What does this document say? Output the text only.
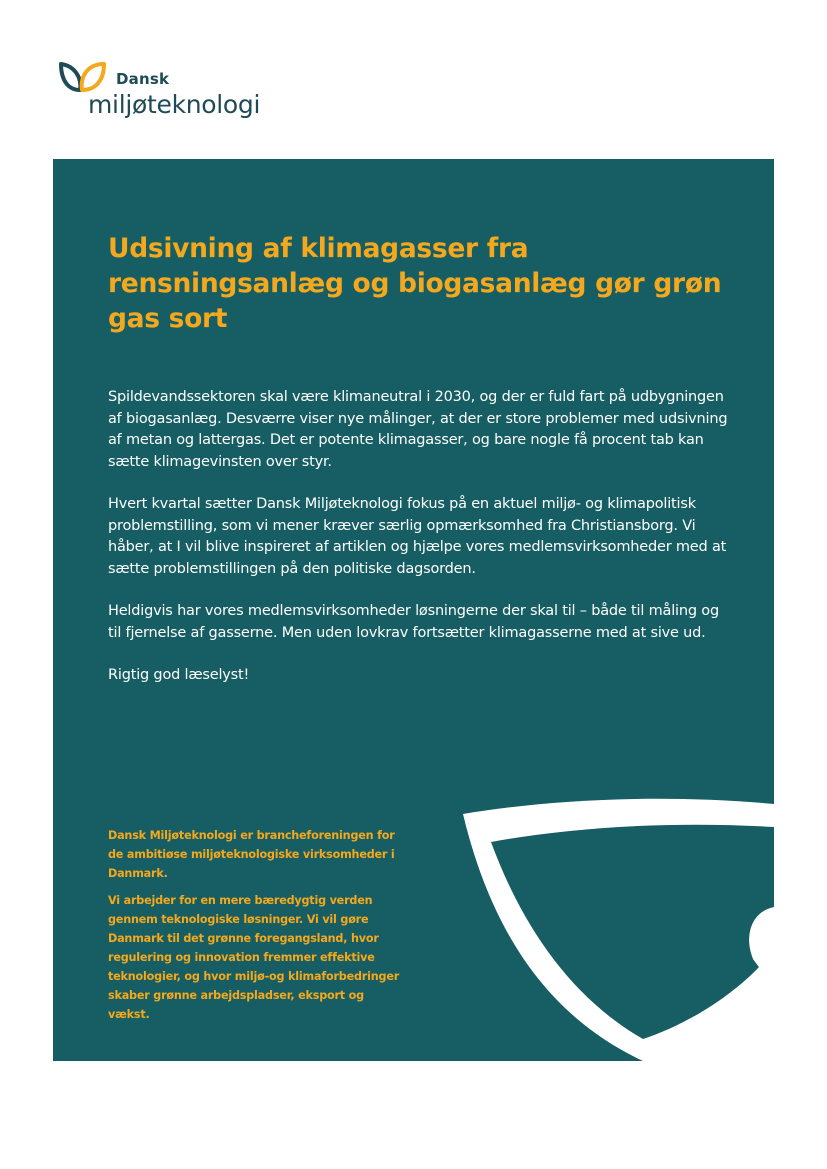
Dansk
miljøteknologi
Udsivning af klimagasser fra rensningsanlæg og biogasanlæg gør grøn gas sort

Spildevandssektoren skal være klimaneutral i 2030, og der er fuld fart på udbygningen af biogasanlæg. Desværre viser nye målinger, at der er store problemer med udsivning af metan og lattergas. Det er potente klimagasser, og bare nogle få procent tab kan sætte klimagevinsten over styr.

Hvert kvartal sætter Dansk Miljøteknologi fokus på en aktuel miljø- og klimapolitisk problemstilling, som vi mener kræver særlig opmærksomhed fra Christiansborg. Vi håber, at I vil blive inspireret af artiklen og hjælpe vores medlemsvirksomheder med at sætte problemstillingen på den politiske dagsorden.

Heldigvis har vores medlemsvirksomheder løsningerne der skal til – både til måling og til fjernelse af gasserne. Men uden lovkrav fortsætter klimagasserne med at sive ud.

Rigtig god læselyst!

Dansk Miljøteknologi er brancheforeningen for de ambitiøse miljøteknologiske virksomheder i Danmark.

Vi arbejder for en mere bæredygtig verden gennem teknologiske løsninger. Vi vil gøre Danmark til det grønne foregangsland, hvor regulering og innovation fremmer effektive teknologier, og hvor miljø-og klimaforbedringer skaber grønne arbejdspladser, eksport og vækst.
